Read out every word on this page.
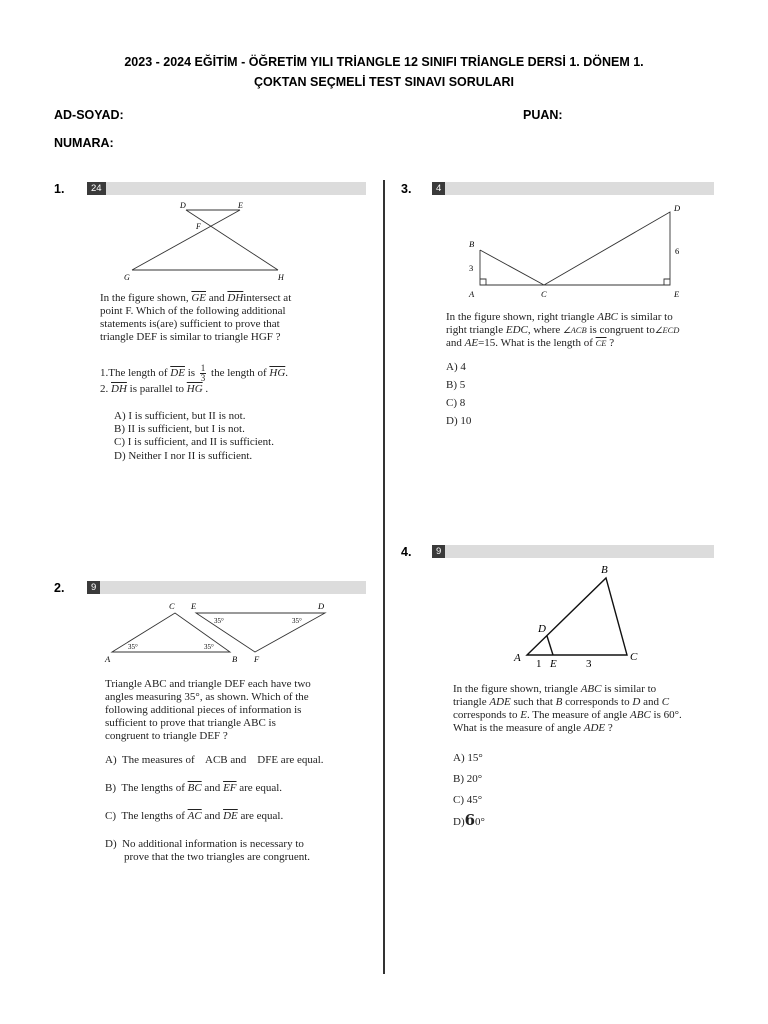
2023 - 2024 EĞİTİM - ÖĞRETİM YILI TRİANGLE 12 SINIFI TRİANGLE DERSİ 1. DÖNEM 1.
ÇOKTAN SEÇMELİ TEST SINAVI SORULARI
AD-SOYAD:	PUAN:
NUMARA:
1.	24
D	E
F
G	H
In the figure shown, $\overline{GE}$ and $\overline{DH}intersect$ at
point F. Which of the following additional
statements is(are) sufficient to prove that
triangle DEF is similar to triangle HGF ?
1.The length of $\overline{DE}$ is $\frac{1}{3}$ the length of $\overline{HG}$.
2. $\overline{DH}$ is parallel to $\overline{HG}$ .
A) I is sufficient, but II is not.
B) II is sufficient, but I is not.
C) I is sufficient, and II is sufficient.
D) Neither I nor II is sufficient.
2.	9
C E	D
A	B F
35°	35°
35°	35°
Triangle ABC and triangle DEF each have two
angles measuring 35°, as shown. Which of the
following additional pieces of information is
sufficient to prove that triangle ABC is
congruent to triangle DEF ?
A) The measures of ACB and DFE are equal.
B) The lengths of $\overline{BC}$ and $\overline{EF}$ are equal.
C) The lengths of $\overline{AC}$ and $\overline{DE}$ are equal.
D) No additional information is necessary to
prove that the two triangles are congruent.
3.	4
B
A	C
D
E
3
6
In the figure shown, right triangle ABC is similar to
right triangle EDC, where ∠ACB is congruent to∠ECD
and AE=15. What is the length of $\overline{CE}$ ?
A) 4
B) 5
C) 8
D) 10
4.	9
B
D
A	C
E
1	3
In the figure shown, triangle ABC is similar to
triangle ADE such that B corresponds to D and C
corresponds to E. The measure of angle ABC is 60°.
What is the measure of angle ADE ?
A) 15°
B) 20°
C) 45°
D)60°
